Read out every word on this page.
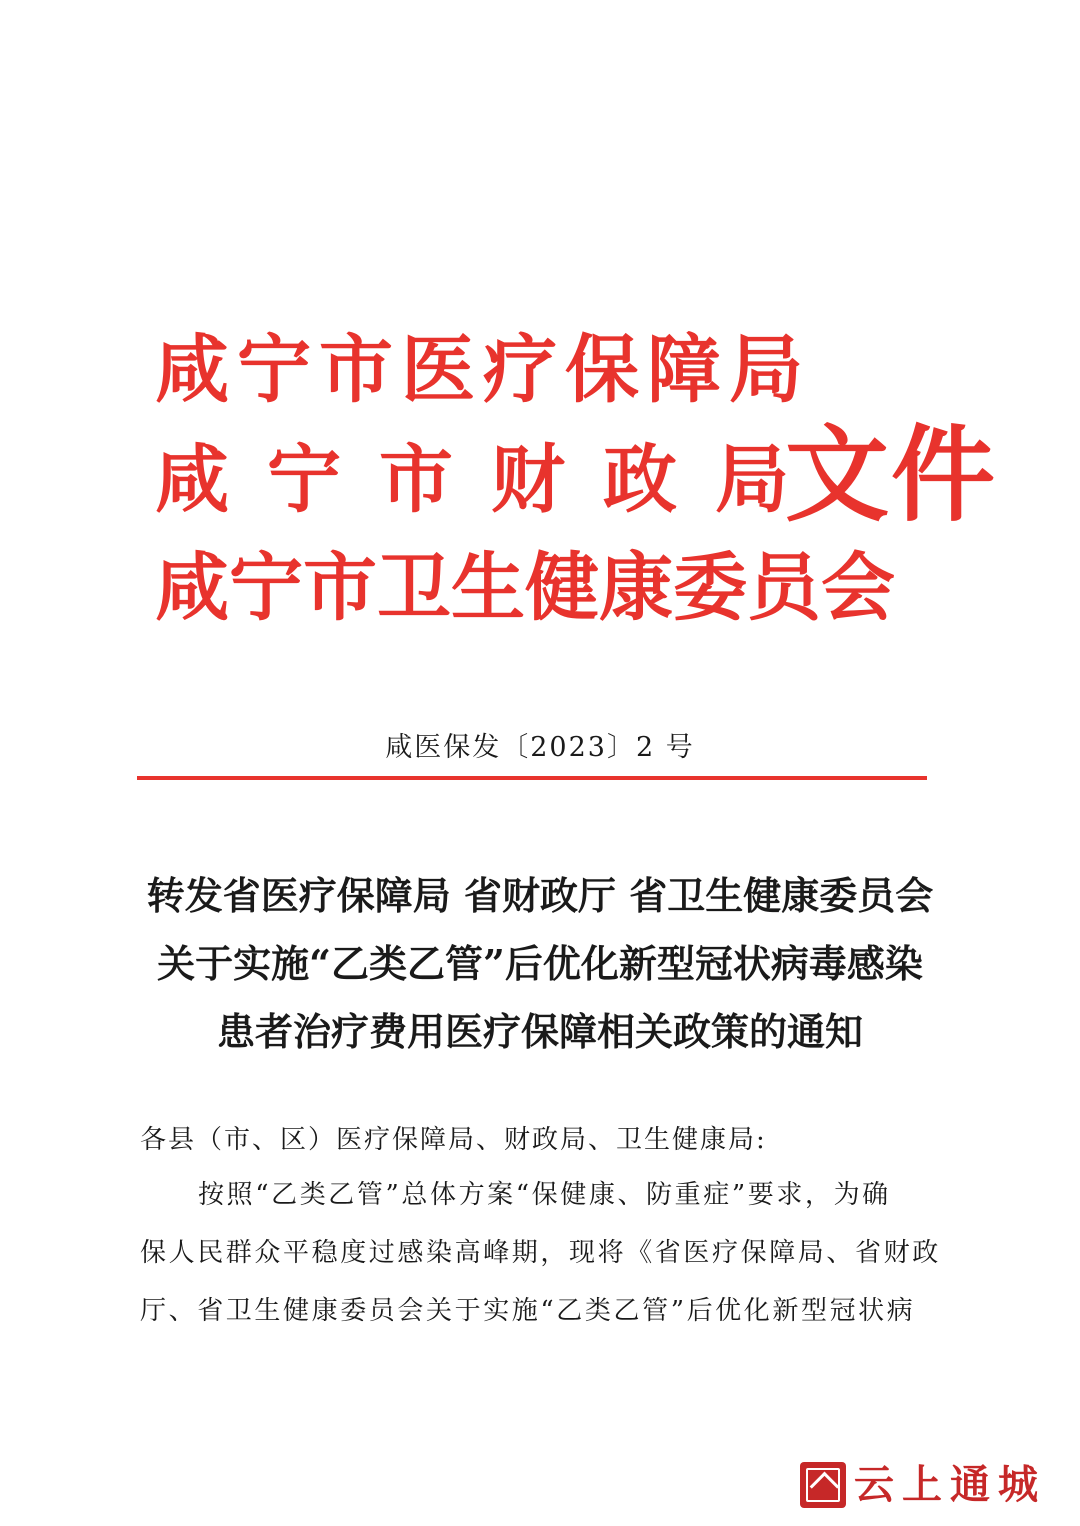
咸宁市医疗保障局
咸宁市财政局
咸宁市卫生健康委员会
文件
咸医保发〔2023〕2 号
转发省医疗保障局 省财政厅 省卫生健康委员会
关于实施“乙类乙管”后优化新型冠状病毒感染
患者治疗费用医疗保障相关政策的通知
各县（市、区）医疗保障局、财政局、卫生健康局:
按照“乙类乙管”总体方案“保健康、防重症”要求，为确
保人民群众平稳度过感染高峰期，现将《省医疗保障局、省财政
厅、省卫生健康委员会关于实施“乙类乙管”后优化新型冠状病
云上通城
